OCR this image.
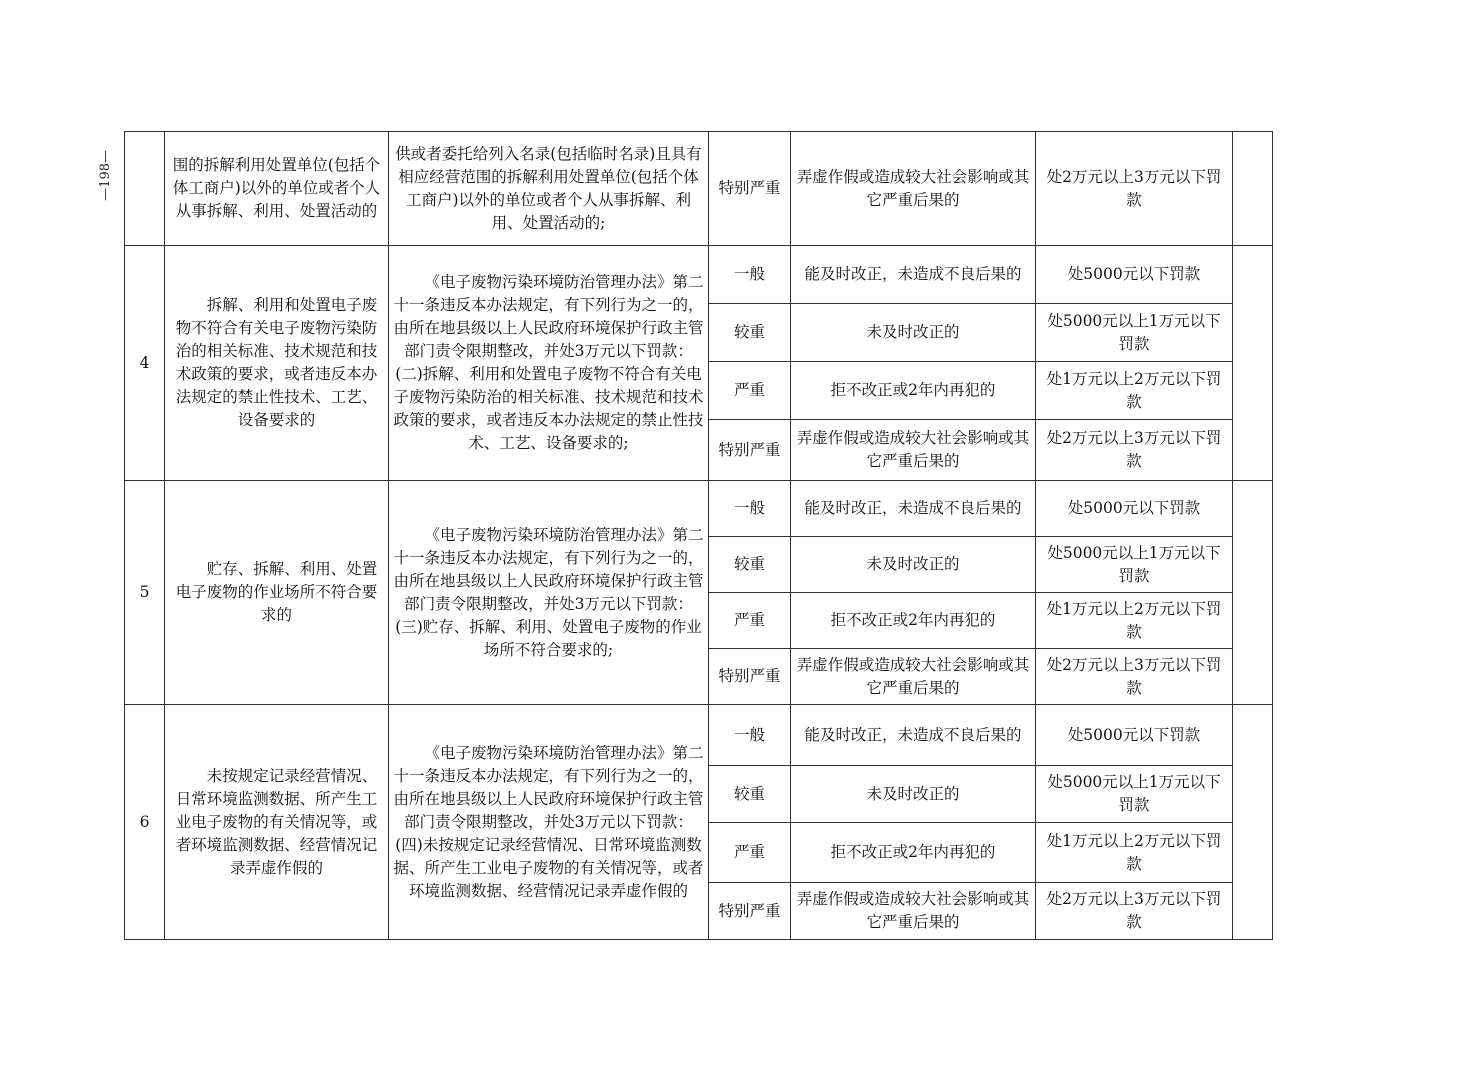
—198—
		围的拆解利用处置单位(包括个体工商户)以外的单位或者个人从事拆解、利用、处置活动的	供或者委托给列入名录(包括临时名录)且具有相应经营范围的拆解利用处置单位(包括个体工商户)以外的单位或者个人从事拆解、利用、处置活动的;	特别严重	弄虚作假或造成较大社会影响或其它严重后果的	处2万元以上3万元以下罚款	
4	拆解、利用和处置电子废物不符合有关电子废物污染防治的相关标准、技术规范和技术政策的要求，或者违反本办法规定的禁止性技术、工艺、设备要求的	《电子废物污染环境防治管理办法》第二十一条违反本办法规定，有下列行为之一的，由所在地县级以上人民政府环境保护行政主管部门责令限期整改，并处3万元以下罚款：(二)拆解、利用和处置电子废物不符合有关电子废物污染防治的相关标准、技术规范和技术政策的要求，或者违反本办法规定的禁止性技术、工艺、设备要求的;	一般	能及时改正，未造成不良后果的	处5000元以下罚款	
			较重	未及时改正的	处5000元以上1万元以下罚款	
			严重	拒不改正或2年内再犯的	处1万元以上2万元以下罚款	
			特别严重	弄虚作假或造成较大社会影响或其它严重后果的	处2万元以上3万元以下罚款	
5	贮存、拆解、利用、处置电子废物的作业场所不符合要求的	《电子废物污染环境防治管理办法》第二十一条违反本办法规定，有下列行为之一的，由所在地县级以上人民政府环境保护行政主管部门责令限期整改，并处3万元以下罚款：(三)贮存、拆解、利用、处置电子废物的作业场所不符合要求的;	一般	能及时改正，未造成不良后果的	处5000元以下罚款	
			较重	未及时改正的	处5000元以上1万元以下罚款	
			严重	拒不改正或2年内再犯的	处1万元以上2万元以下罚款	
			特别严重	弄虚作假或造成较大社会影响或其它严重后果的	处2万元以上3万元以下罚款	
6	未按规定记录经营情况、日常环境监测数据、所产生工业电子废物的有关情况等，或者环境监测数据、经营情况记录弄虚作假的	《电子废物污染环境防治管理办法》第二十一条违反本办法规定，有下列行为之一的，由所在地县级以上人民政府环境保护行政主管部门责令限期整改，并处3万元以下罚款：(四)未按规定记录经营情况、日常环境监测数据、所产生工业电子废物的有关情况等，或者环境监测数据、经营情况记录弄虚作假的	一般	能及时改正，未造成不良后果的	处5000元以下罚款	
			较重	未及时改正的	处5000元以上1万元以下罚款	
			严重	拒不改正或2年内再犯的	处1万元以上2万元以下罚款	
			特别严重	弄虚作假或造成较大社会影响或其它严重后果的	处2万元以上3万元以下罚款	
